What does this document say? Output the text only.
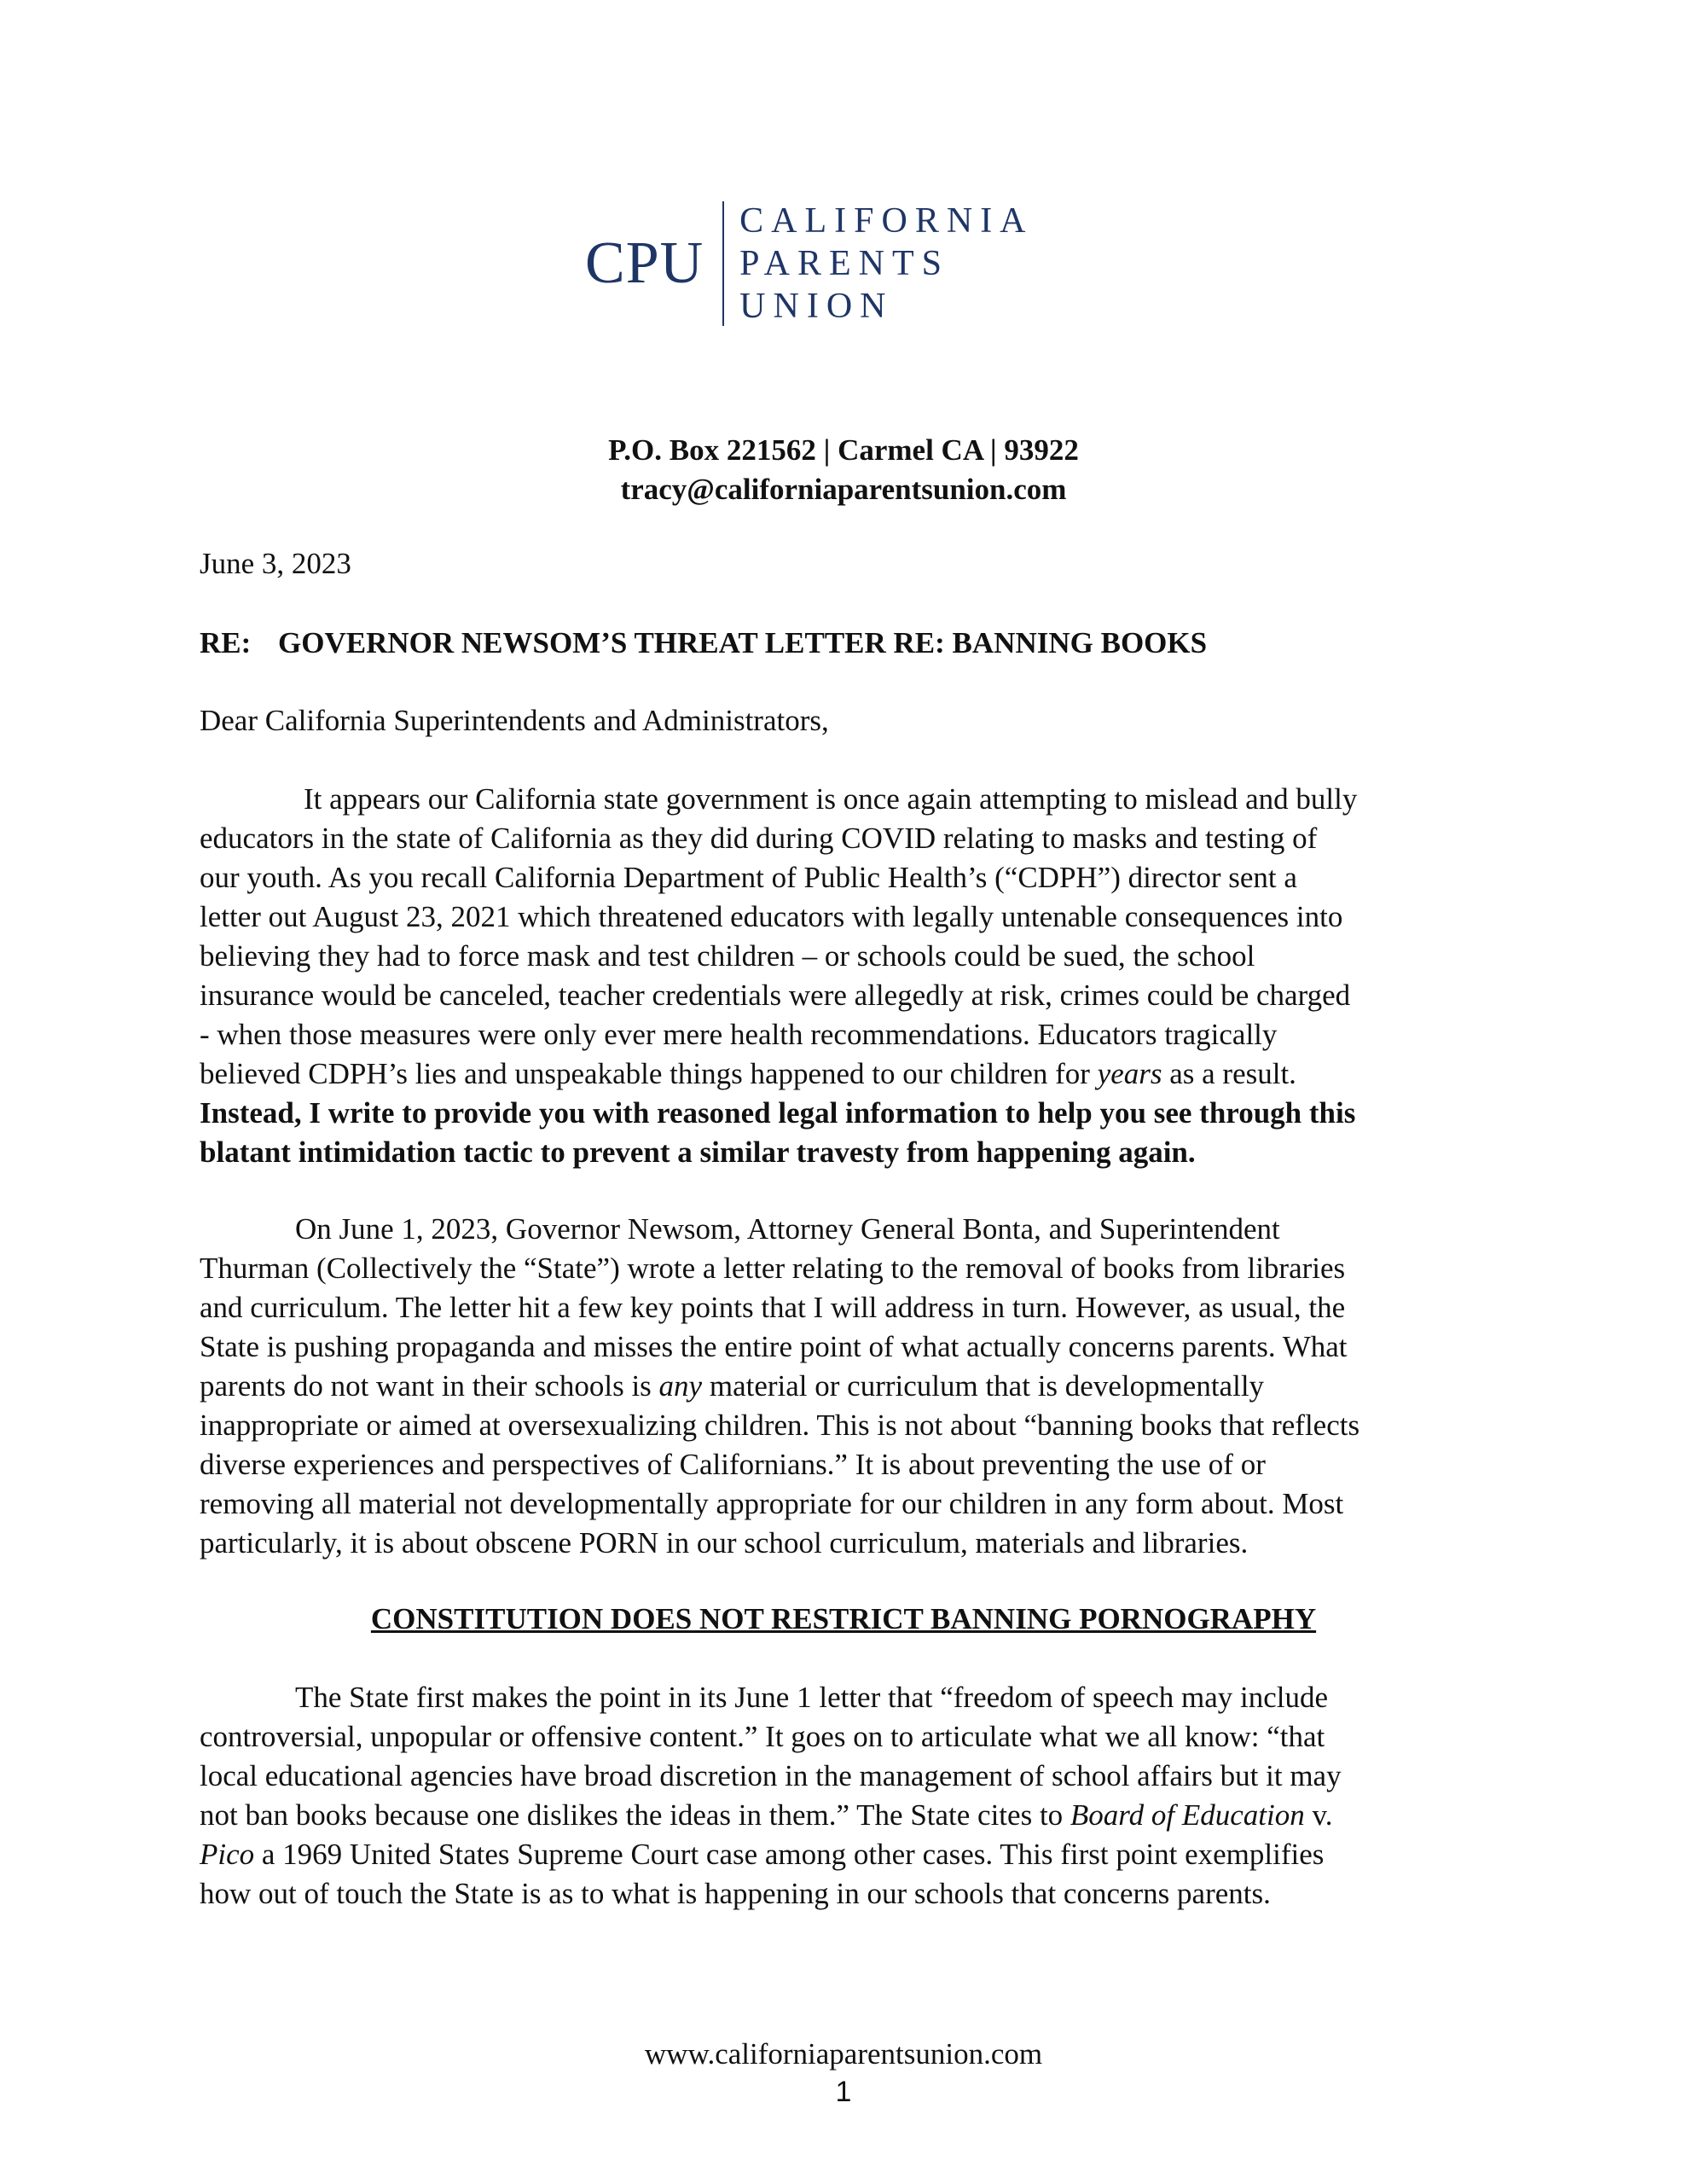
CPU
CALIFORNIA
PARENTS
UNION
P.O. Box 221562 | Carmel CA | 93922
tracy@californiaparentsunion.com
June 3, 2023
RE: GOVERNOR NEWSOM’S THREAT LETTER RE: BANNING BOOKS
Dear California Superintendents and Administrators,
It appears our California state government is once again attempting to mislead and bully
educators in the state of California as they did during COVID relating to masks and testing of
our youth. As you recall California Department of Public Health’s (“CDPH”) director sent a
letter out August 23, 2021 which threatened educators with legally untenable consequences into
believing they had to force mask and test children – or schools could be sued, the school
insurance would be canceled, teacher credentials were allegedly at risk, crimes could be charged
- when those measures were only ever mere health recommendations. Educators tragically
believed CDPH’s lies and unspeakable things happened to our children for years as a result.
Instead, I write to provide you with reasoned legal information to help you see through this
blatant intimidation tactic to prevent a similar travesty from happening again.
On June 1, 2023, Governor Newsom, Attorney General Bonta, and Superintendent
Thurman (Collectively the “State”) wrote a letter relating to the removal of books from libraries
and curriculum. The letter hit a few key points that I will address in turn. However, as usual, the
State is pushing propaganda and misses the entire point of what actually concerns parents. What
parents do not want in their schools is any material or curriculum that is developmentally
inappropriate or aimed at oversexualizing children. This is not about “banning books that reflects
diverse experiences and perspectives of Californians.” It is about preventing the use of or
removing all material not developmentally appropriate for our children in any form about. Most
particularly, it is about obscene PORN in our school curriculum, materials and libraries.
CONSTITUTION DOES NOT RESTRICT BANNING PORNOGRAPHY
The State first makes the point in its June 1 letter that “freedom of speech may include
controversial, unpopular or offensive content.” It goes on to articulate what we all know: “that
local educational agencies have broad discretion in the management of school affairs but it may
not ban books because one dislikes the ideas in them.” The State cites to Board of Education v.
Pico a 1969 United States Supreme Court case among other cases. This first point exemplifies
how out of touch the State is as to what is happening in our schools that concerns parents.
www.californiaparentsunion.com
1
